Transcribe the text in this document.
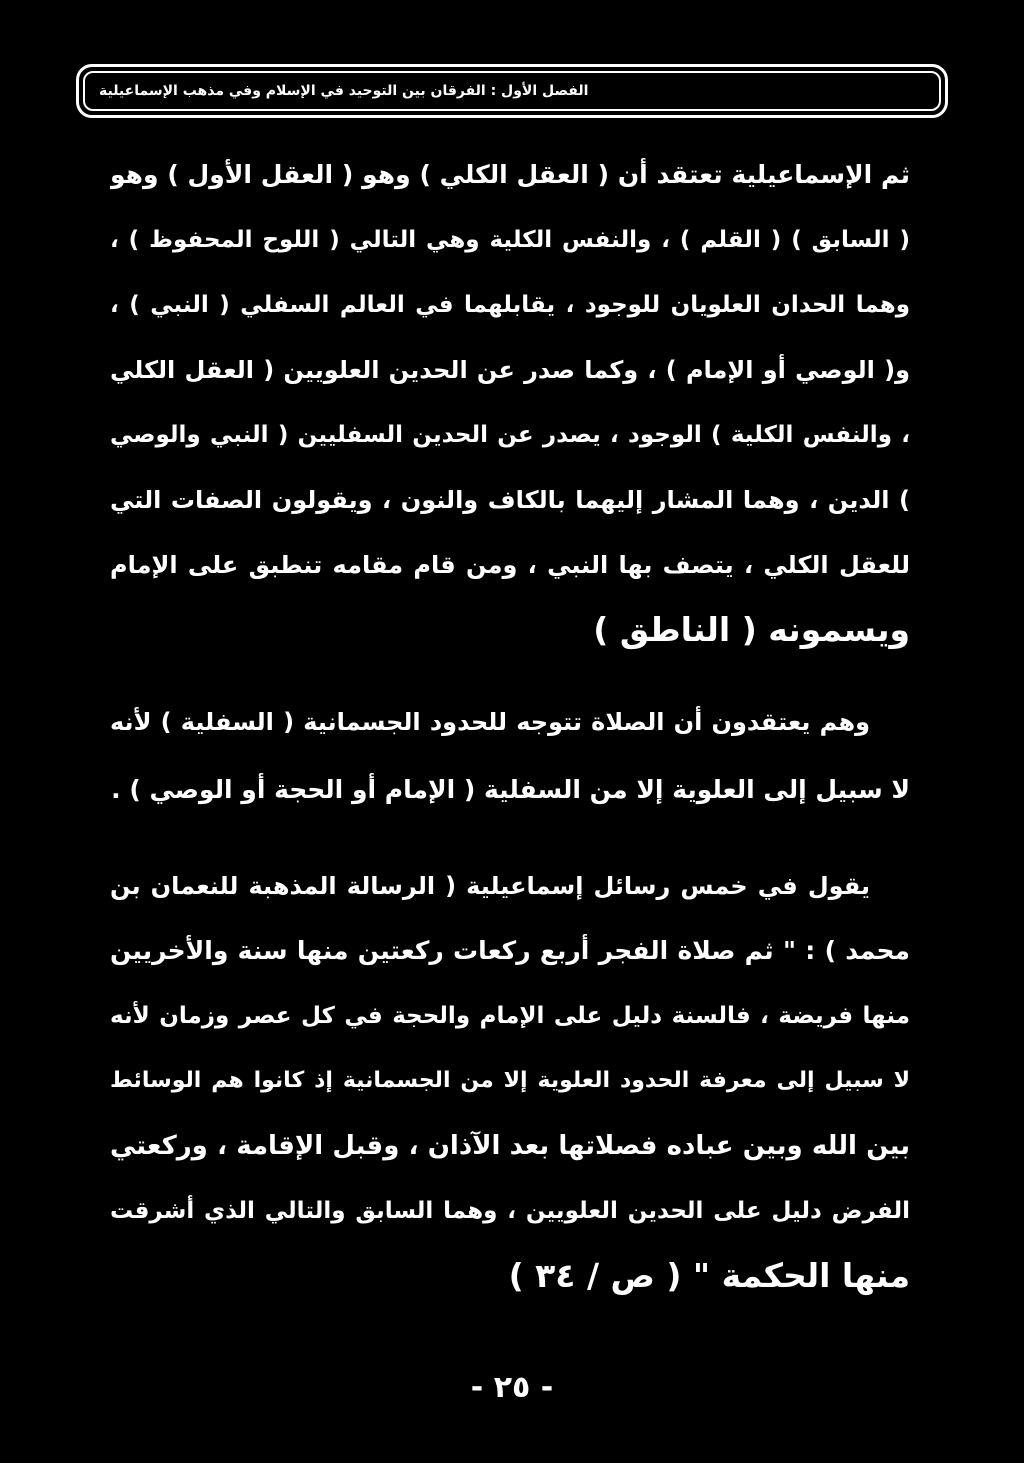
الفصل الأول : الفرقان بين التوحيد في الإسلام وفي مذهب الإسماعيلية
ثم الإسماعيلية تعتقد أن ( العقل الكلي ) وهو ( العقل الأول ) وهو
( السابق ) ( القلم ) ، والنفس الكلية وهي التالي ( اللوح المحفوظ ) ،
وهما الحدان العلويان للوجود ، يقابلهما في العالم السفلي ( النبي ) ،
و( الوصي أو الإمام ) ، وكما صدر عن الحدين العلويين ( العقل الكلي
، والنفس الكلية ) الوجود ، يصدر عن الحدين السفليين ( النبي والوصي
) الدين ، وهما المشار إليهما بالكاف والنون ، ويقولون الصفات التي
للعقل الكلي ، يتصف بها النبي ، ومن قام مقامه تنطبق على الإمام
ويسمونه ( الناطق )
وهم يعتقدون أن الصلاة تتوجه للحدود الجسمانية ( السفلية ) لأنه
لا سبيل إلى العلوية إلا من السفلية ( الإمام أو الحجة أو الوصي ) .
يقول في خمس رسائل إسماعيلية ( الرسالة المذهبة للنعمان بن
محمد ) : " ثم صلاة الفجر أربع ركعات ركعتين منها سنة والأخريين
منها فريضة ، فالسنة دليل على الإمام والحجة في كل عصر وزمان لأنه
لا سبيل إلى معرفة الحدود العلوية إلا من الجسمانية إذ كانوا هم الوسائط
بين الله وبين عباده فصلاتها بعد الآذان ، وقبل الإقامة ، وركعتي
الفرض دليل على الحدين العلويين ، وهما السابق والتالي الذي أشرقت
منها الحكمة " ( ص / ٣٤ )
- ٢٥ -
